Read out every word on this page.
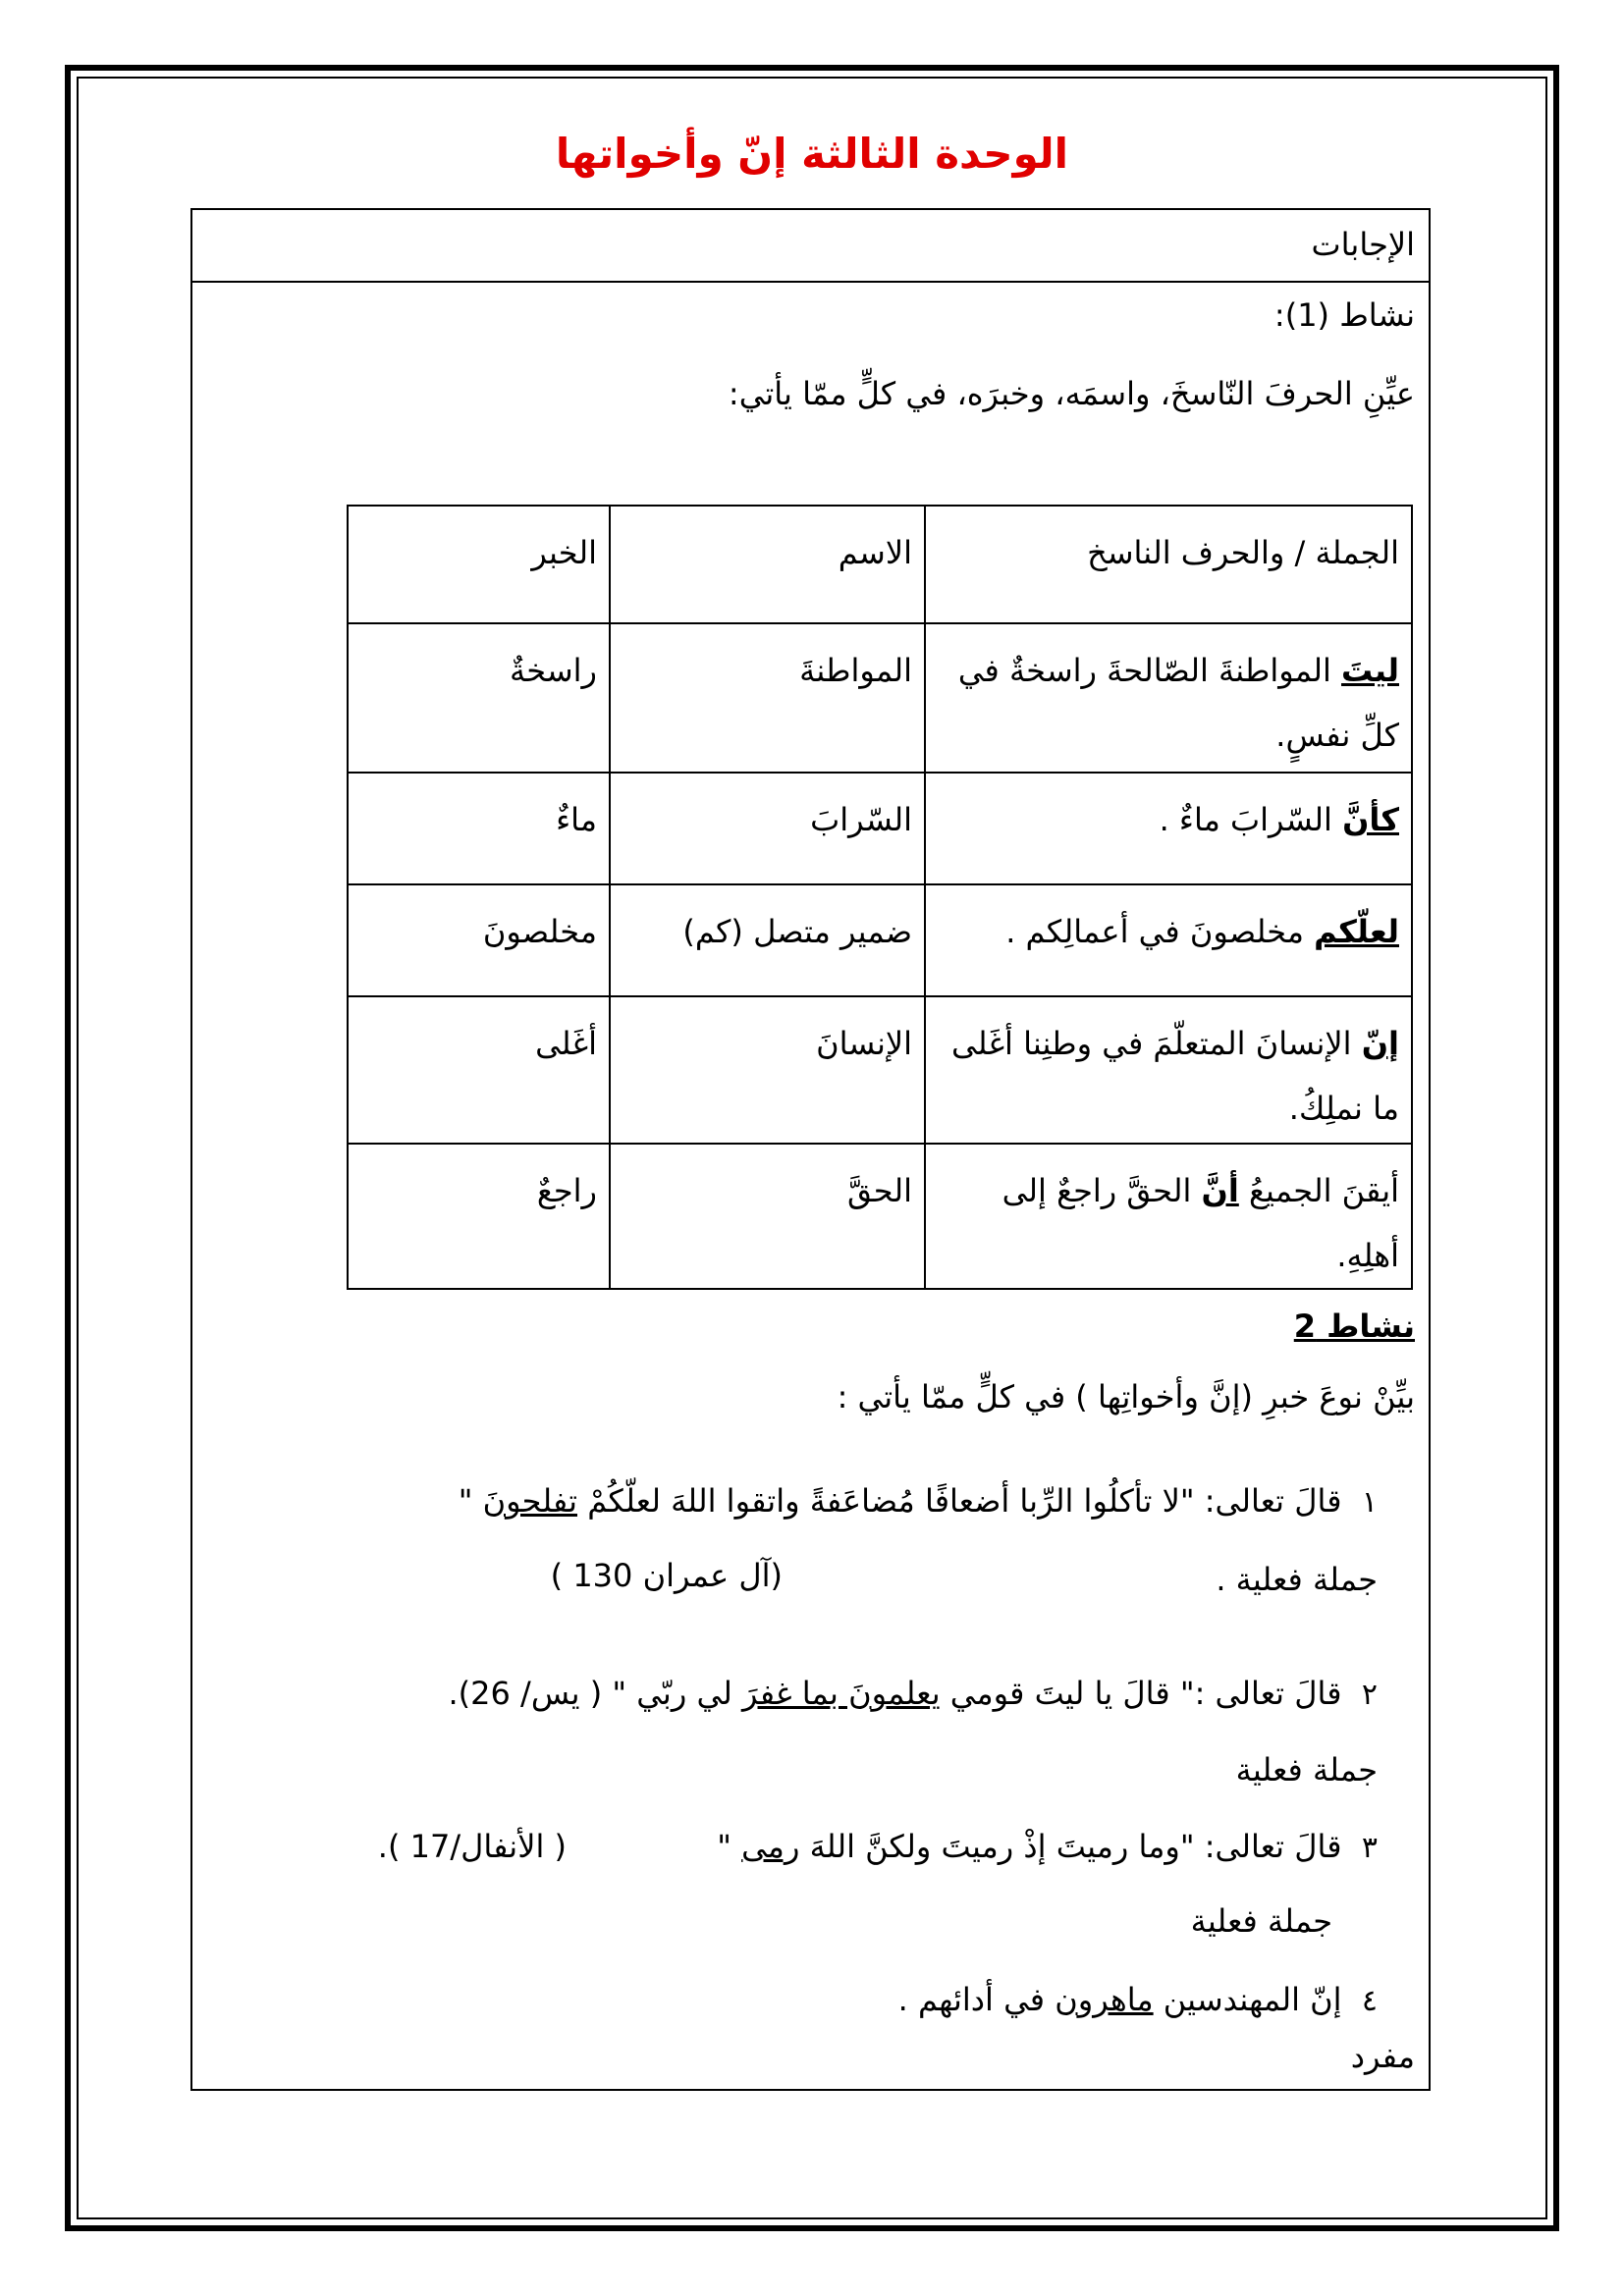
الوحدة الثالثة إنّ وأخواتها
الإجابات
نشاط (1):
عيِّنِ الحرفَ النّاسخَ، واسمَه، وخبرَه، في كلٍّ ممّا يأتي:
الجملة / والحرف الناسخ	الاسم	الخبر
ليتَ المواطنةَ الصّالحةَ راسخةٌ في كلِّ نفسٍ.	المواطنةَ	راسخةٌ
كأنَّ السّرابَ ماءٌ .	السّرابَ	ماءٌ
لعلّكم مخلصونَ في أعمالِكم .	ضمير متصل (كم)	مخلصونَ
إنّ الإنسانَ المتعلّمَ في وطنِنا أغَلى ما نملِكُ.	الإنسانَ	أغَلى
أيقنَ الجميعُ أنَّ الحقَّ راجعٌ إلى أهلِهِ.	الحقَّ	راجعٌ
نشاط 2
بيِّنْ نوعَ خبرِ (إنَّ وأخواتِها ) في كلٍّ ممّا يأتي :
١  قالَ تعالى: "لا تأكلُوا الرِّبا أضعافًا مُضاعَفةً واتقوا اللهَ لعلّكُمْ تفلحونَ "
جملة فعلية .
(آل عمران 130 )
٢  قالَ تعالى :" قالَ يا ليتَ قومي يعلمونَ بما غفرَ لي ربّي " ( يس/ 26).
جملة فعلية
٣  قالَ تعالى: "وما رميتَ إذْ رميتَ ولكنَّ اللهَ رمى "
( الأنفال/17 ).
جملة فعلية
٤  إنّ المهندسين ماهرون في أدائهم .
مفرد
